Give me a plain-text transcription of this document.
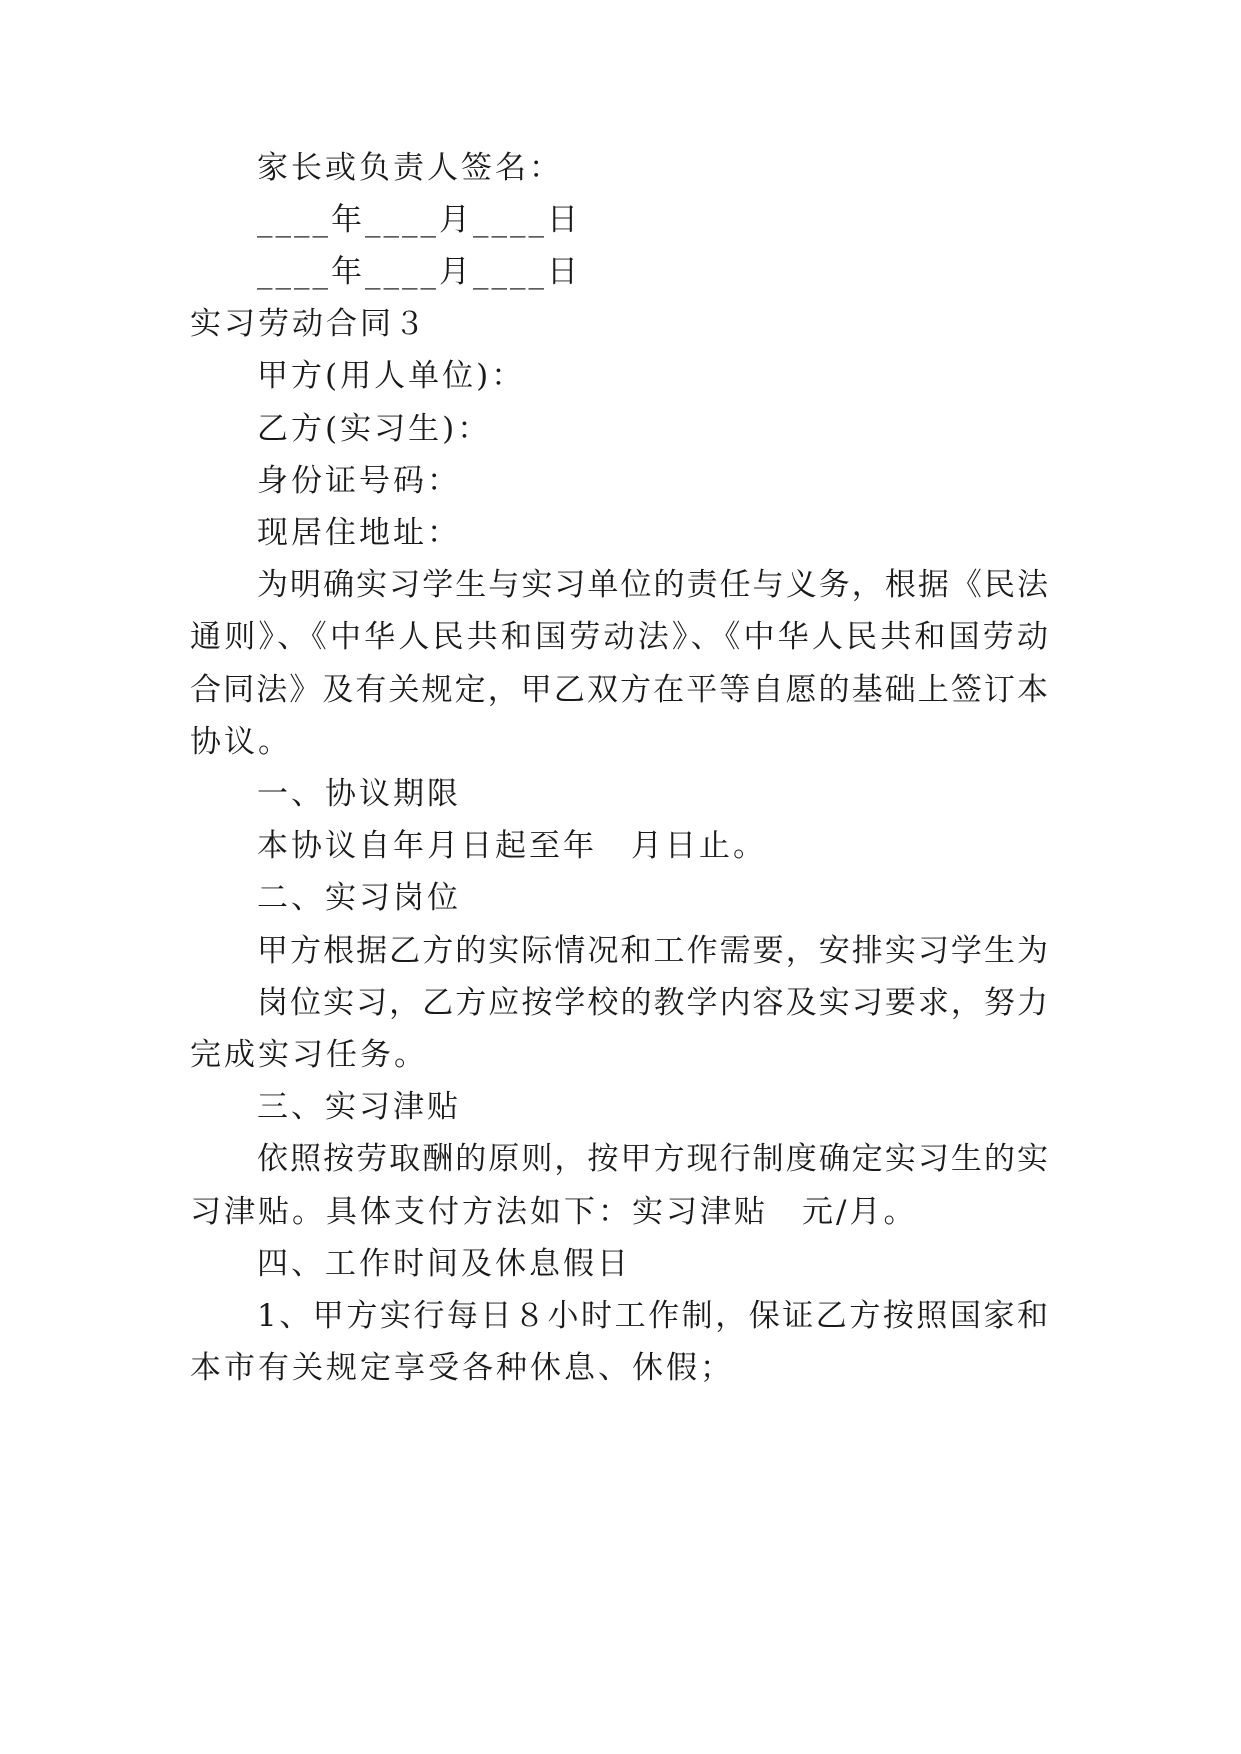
家长或负责人签名：

____年____月____日

____年____月____日

实习劳动合同３

甲方(用人单位)：

乙方(实习生)：

身份证号码：

现居住地址：

为明确实习学生与实习单位的责任与义务，根据《民法

通则》、《中华人民共和国劳动法》、《中华人民共和国劳动

合同法》及有关规定，甲乙双方在平等自愿的基础上签订本

协议。

一、协议期限

本协议自年月日起至年　月日止。

二、实习岗位

甲方根据乙方的实际情况和工作需要，安排实习学生为

岗位实习，乙方应按学校的教学内容及实习要求，努力

完成实习任务。

三、实习津贴

依照按劳取酬的原则，按甲方现行制度确定实习生的实

习津贴。具体支付方法如下：实习津贴　元/月。

四、工作时间及休息假日

1、甲方实行每日８小时工作制，保证乙方按照国家和

本市有关规定享受各种休息、休假；
